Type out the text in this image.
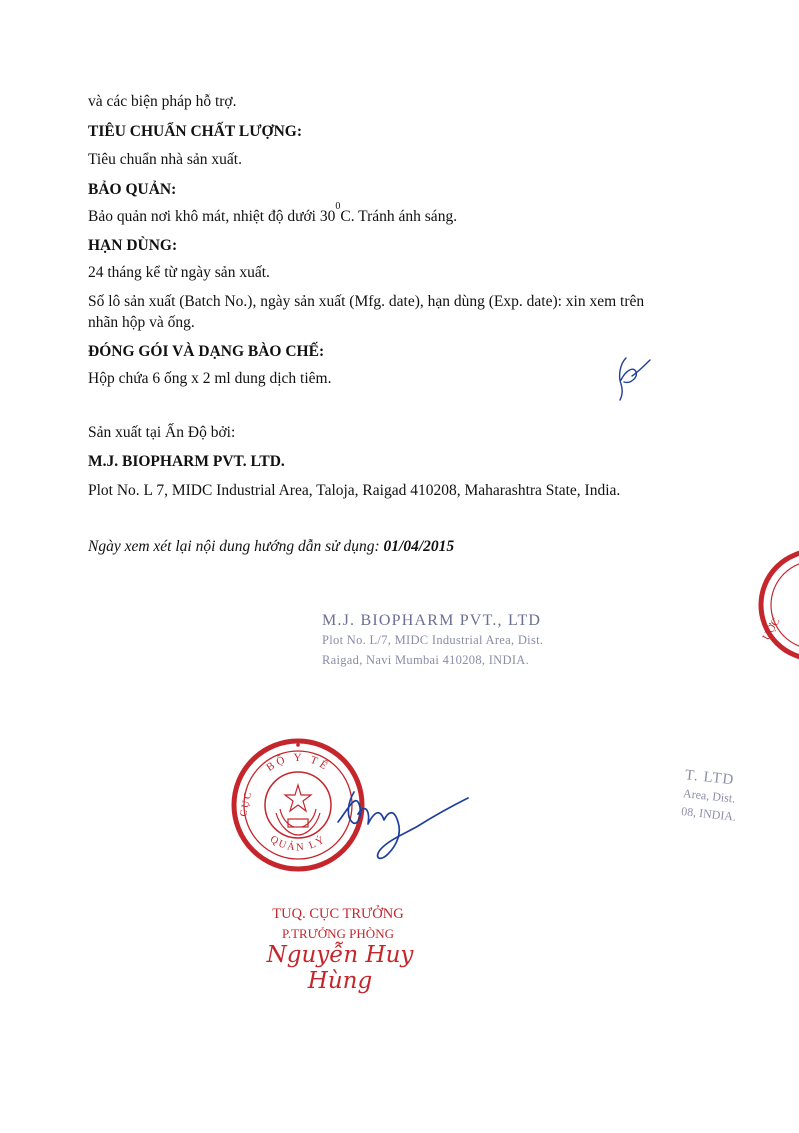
và các biện pháp hỗ trợ.
TIÊU CHUẨN CHẤT LƯỢNG:
Tiêu chuẩn nhà sản xuất.
BẢO QUẢN:
Bảo quản nơi khô mát, nhiệt độ dưới $30^0C$. Tránh ánh sáng.
HẠN DÙNG:
24 tháng kể từ ngày sản xuất.
Số lô sản xuất (Batch No.), ngày sản xuất (Mfg. date), hạn dùng (Exp. date): xin xem trên
nhãn hộp và ống.
ĐÓNG GÓI VÀ DẠNG BÀO CHẾ:
Hộp chứa 6 ống x 2 ml dung dịch tiêm.
Sản xuất tại Ấn Độ bởi:
M.J. BIOPHARM PVT. LTD.
Plot No. L 7, MIDC Industrial Area, Taloja, Raigad 410208, Maharashtra State, India.
Ngày xem xét lại nội dung hướng dẫn sử dụng: 01/04/2015
M.J. BIOPHARM PVT., LTD
Plot No. L/7, MIDC Industrial Area, Dist.
Raigad, Navi Mumbai 410208, INDIA.
T. LTD
Area, Dist.
08, INDIA.
ƯỢC
BỘ Y TẾ
QUẢN LÝ
CỤC
TUQ. CỤC TRƯỞNG
P.TRƯỞNG PHÒNG
Nguyễn Huy Hùng
